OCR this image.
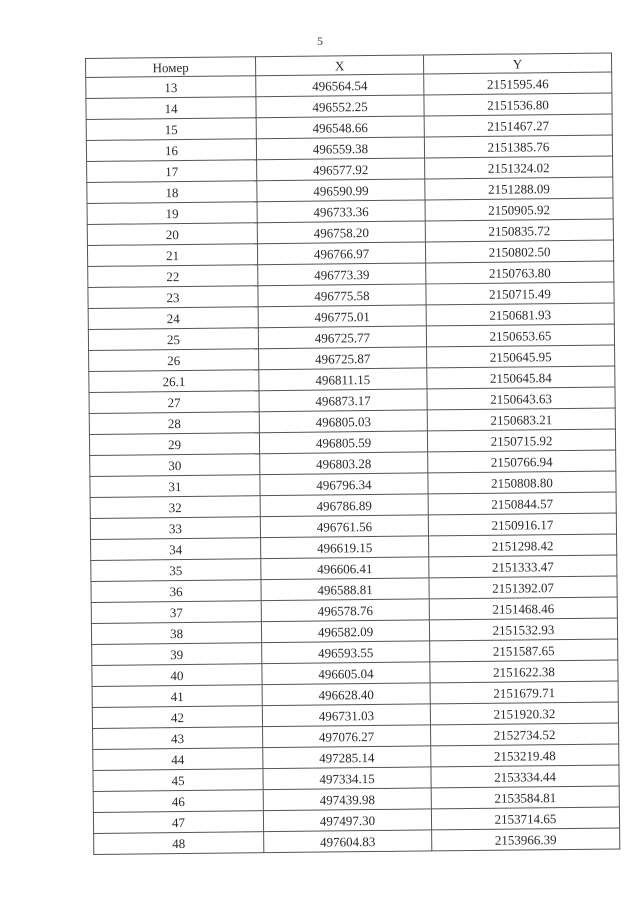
5
Номер	X	Y
13	496564.54	2151595.46
14	496552.25	2151536.80
15	496548.66	2151467.27
16	496559.38	2151385.76
17	496577.92	2151324.02
18	496590.99	2151288.09
19	496733.36	2150905.92
20	496758.20	2150835.72
21	496766.97	2150802.50
22	496773.39	2150763.80
23	496775.58	2150715.49
24	496775.01	2150681.93
25	496725.77	2150653.65
26	496725.87	2150645.95
26.1	496811.15	2150645.84
27	496873.17	2150643.63
28	496805.03	2150683.21
29	496805.59	2150715.92
30	496803.28	2150766.94
31	496796.34	2150808.80
32	496786.89	2150844.57
33	496761.56	2150916.17
34	496619.15	2151298.42
35	496606.41	2151333.47
36	496588.81	2151392.07
37	496578.76	2151468.46
38	496582.09	2151532.93
39	496593.55	2151587.65
40	496605.04	2151622.38
41	496628.40	2151679.71
42	496731.03	2151920.32
43	497076.27	2152734.52
44	497285.14	2153219.48
45	497334.15	2153334.44
46	497439.98	2153584.81
47	497497.30	2153714.65
48	497604.83	2153966.39
